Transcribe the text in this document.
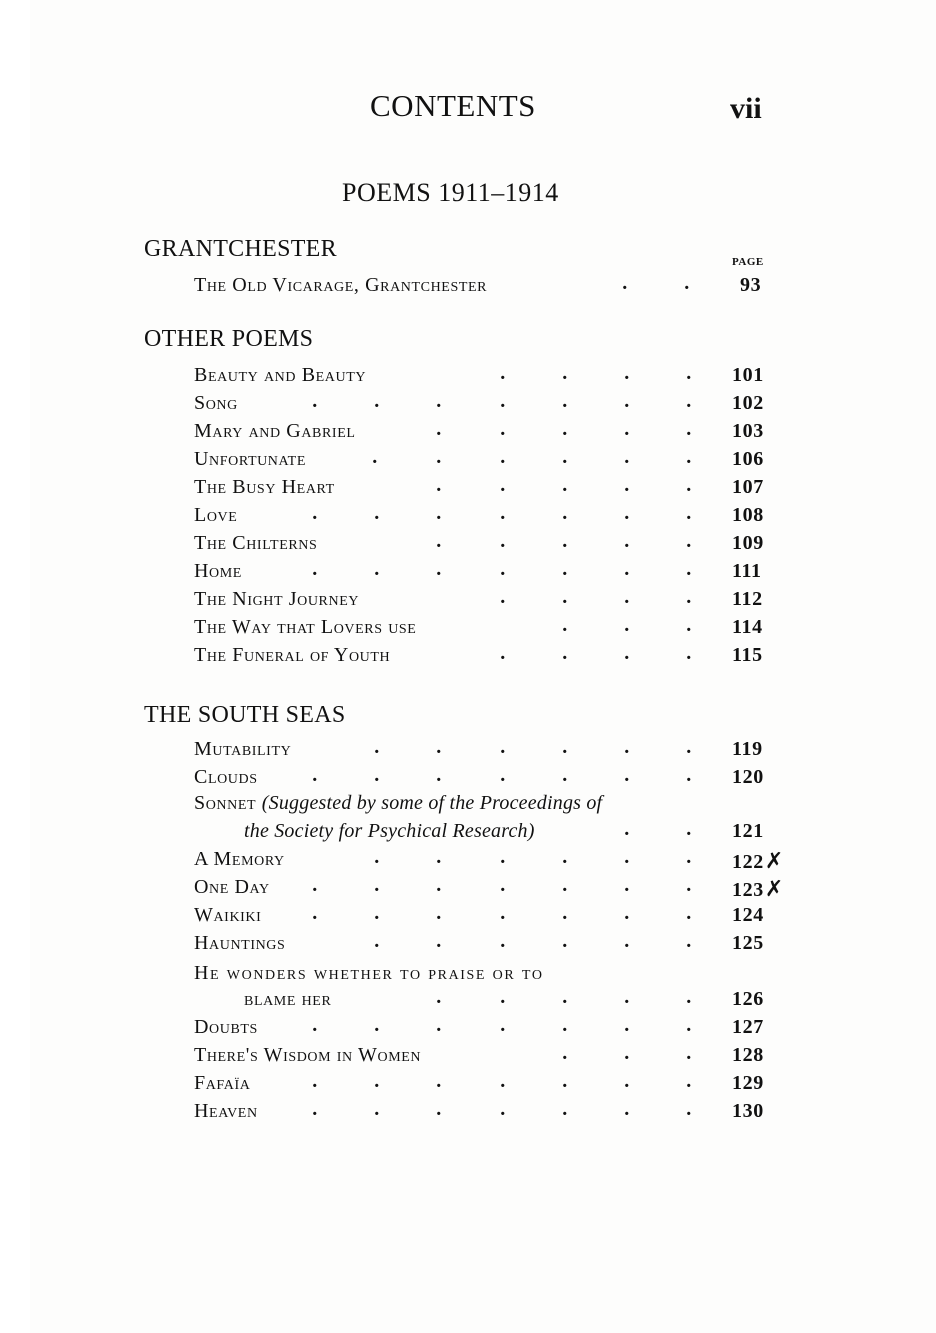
CONTENTS	vii
POEMS 1911–1914
PAGE
GRANTCHESTER
The Old Vicarage, Grantchester	.	.	93
OTHER POEMS
Beauty and Beauty	.	.	.	. 101
Song	.	.	.	.	.	.	. 102
Mary and Gabriel	.	.	.	.	. 103
Unfortunate	.	.	.	.	.	. 106
The Busy Heart	.	.	.	.	. 107
Love	.	.	.	.	.	.	. 108
The Chilterns	.	.	.	.	. 109
Home	.	.	.	.	.	.	. 111
The Night Journey	.	.	.	. 112
The Way that Lovers use	.	.	. 114
The Funeral of Youth	.	.	.	. 115
THE SOUTH SEAS
Mutability	.	.	.	.	.	. 119
Clouds	.	.	.	.	.	.	. 120
Sonnet (Suggested by some of the Proceedings of
the Society for Psychical Research)	.	. 121
A Memory	.	.	.	.	.	. 122✗
One Day .	.	.	.	.	.	. 123✗
Waikiki	.	.	.	.	.	.	. 124
Hauntings	.	.	.	.	.	. 125
He wonders whether to praise or to
blame her	.	.	.	.	. 126
Doubts	.	.	.	.	.	.	. 127
There's Wisdom in Women	.	.	. 128
Fafaïa	.	.	.	.	.	.	. 129
Heaven	.	.	.	.	.	.	. 130
